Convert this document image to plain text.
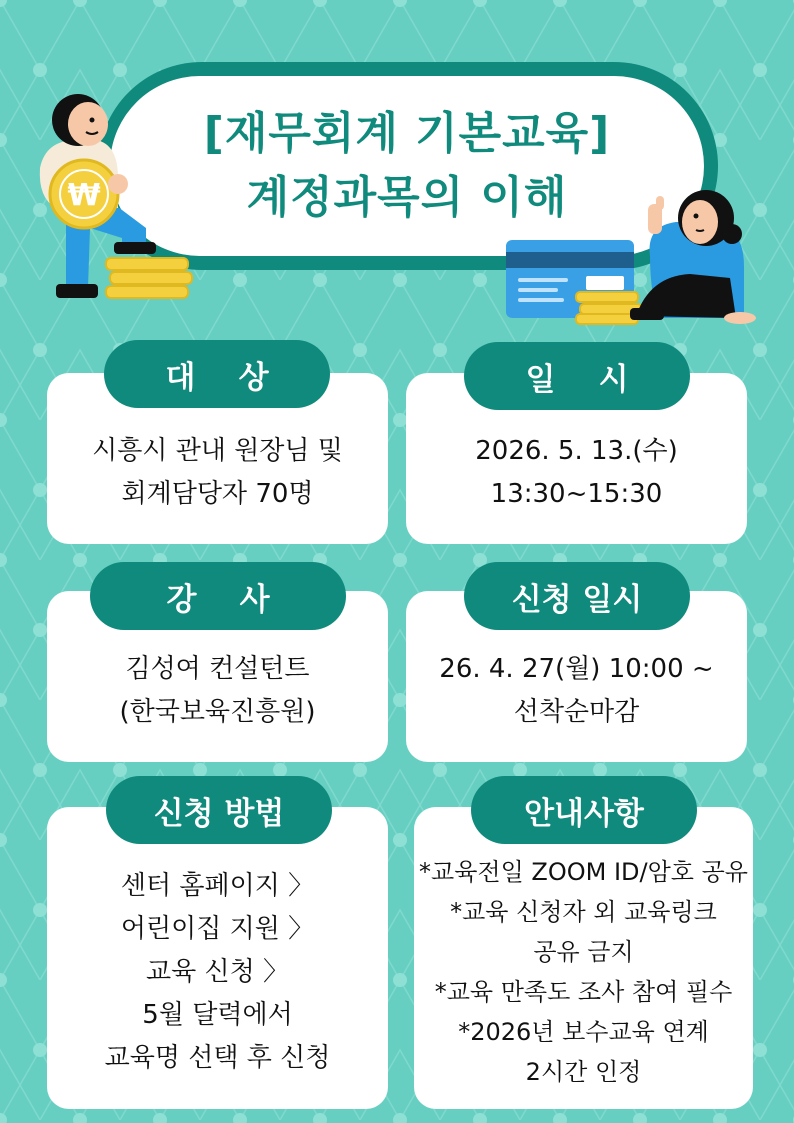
[재무회계 기본교육]
계정과목의 이해
₩
시흥시 관내 원장님 및
회계담당자 70명
대    상
2026. 5. 13.(수)
13:30~15:30
일    시
김성여 컨설턴트
(한국보육진흥원)
강    사
26. 4. 27(월) 10:00 ~
선착순마감
신청 일시
센터 홈페이지 〉
어린이집 지원 〉
교육 신청 〉
5월 달력에서
교육명 선택 후 신청
신청 방법
*교육전일 ZOOM ID/암호 공유
*교육 신청자 외 교육링크
공유 금지
*교육 만족도 조사 참여 필수
*2026년 보수교육 연계
2시간 인정
안내사항
